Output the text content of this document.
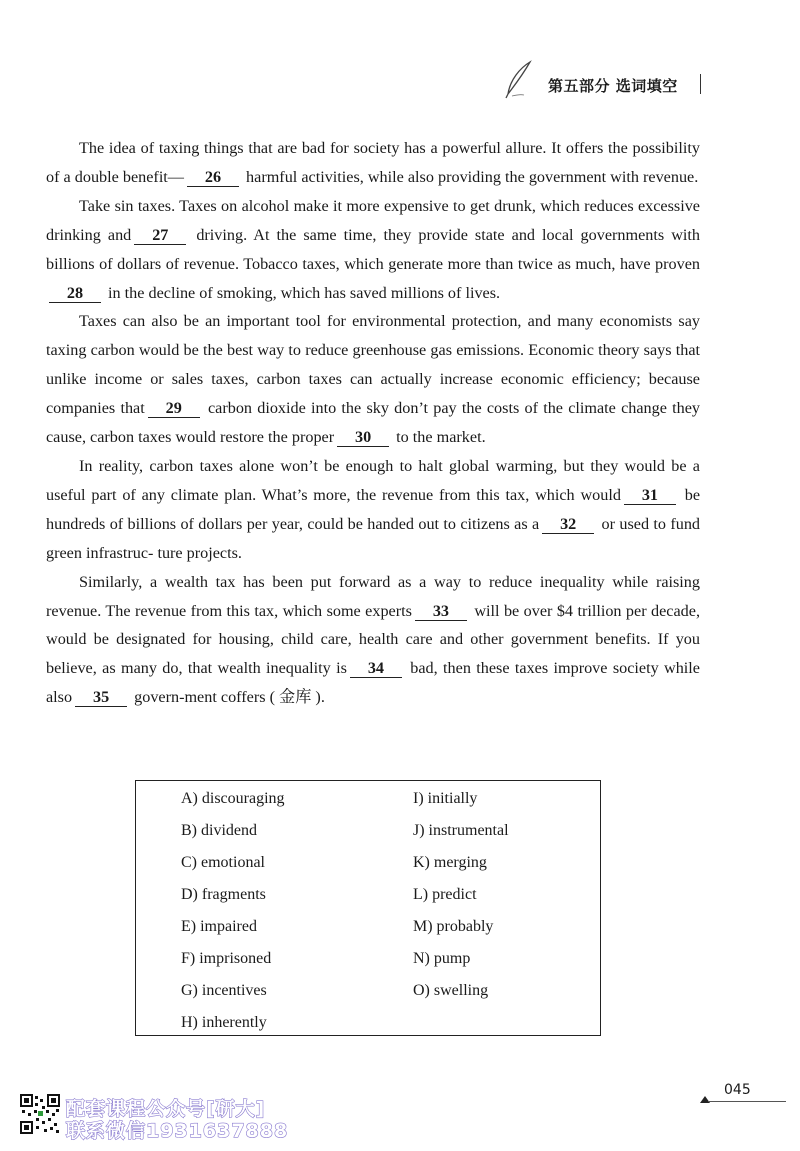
第五部分 选词填空

The idea of taxing things that are bad for society has a powerful allure. It offers the possibility of a double benefit— 26 harmful activities, while also providing the government with revenue.

Take sin taxes. Taxes on alcohol make it more expensive to get drunk, which reduces excessive drinking and 27 driving. At the same time, they provide state and local governments with billions of dollars of revenue. Tobacco taxes, which generate more than twice as much, have proven28 in the decline of smoking, which has saved millions of lives.

Taxes can also be an important tool for environmental protection, and many economists say taxing carbon would be the best way to reduce greenhouse gas emissions. Economic theory says that unlike income or sales taxes, carbon taxes can actually increase economic efficiency; because companies that 29 carbon dioxide into the sky don’t pay the costs of the climate change they cause, carbon taxes would restore the proper 30 to the market.

In reality, carbon taxes alone won’t be enough to halt global warming, but they would be a useful part of any climate plan. What’s more, the revenue from this tax, which would 31 be hundreds of billions of dollars per year, could be handed out to citizens as a 32 or used to fund green infrastruc- ture projects.

Similarly, a wealth tax has been put forward as a way to reduce inequality while raising revenue. The revenue from this tax, which some experts 33 will be over $4 trillion per decade, would be designated for housing, child care, health care and other government benefits. If you believe, as many do, that wealth inequality is 34 bad, then these taxes improve society while also 35 govern-ment coffers ( 金库 ).

A) discouraging
B) dividend
C) emotional
D) fragments
E) impaired
F) imprisoned
G) incentives
H) inherently
I) initially
J) instrumental
K) merging
L) predict
M) probably
N) pump
O) swelling
配套课程公众号[研大]
联系微信1931637888
045
